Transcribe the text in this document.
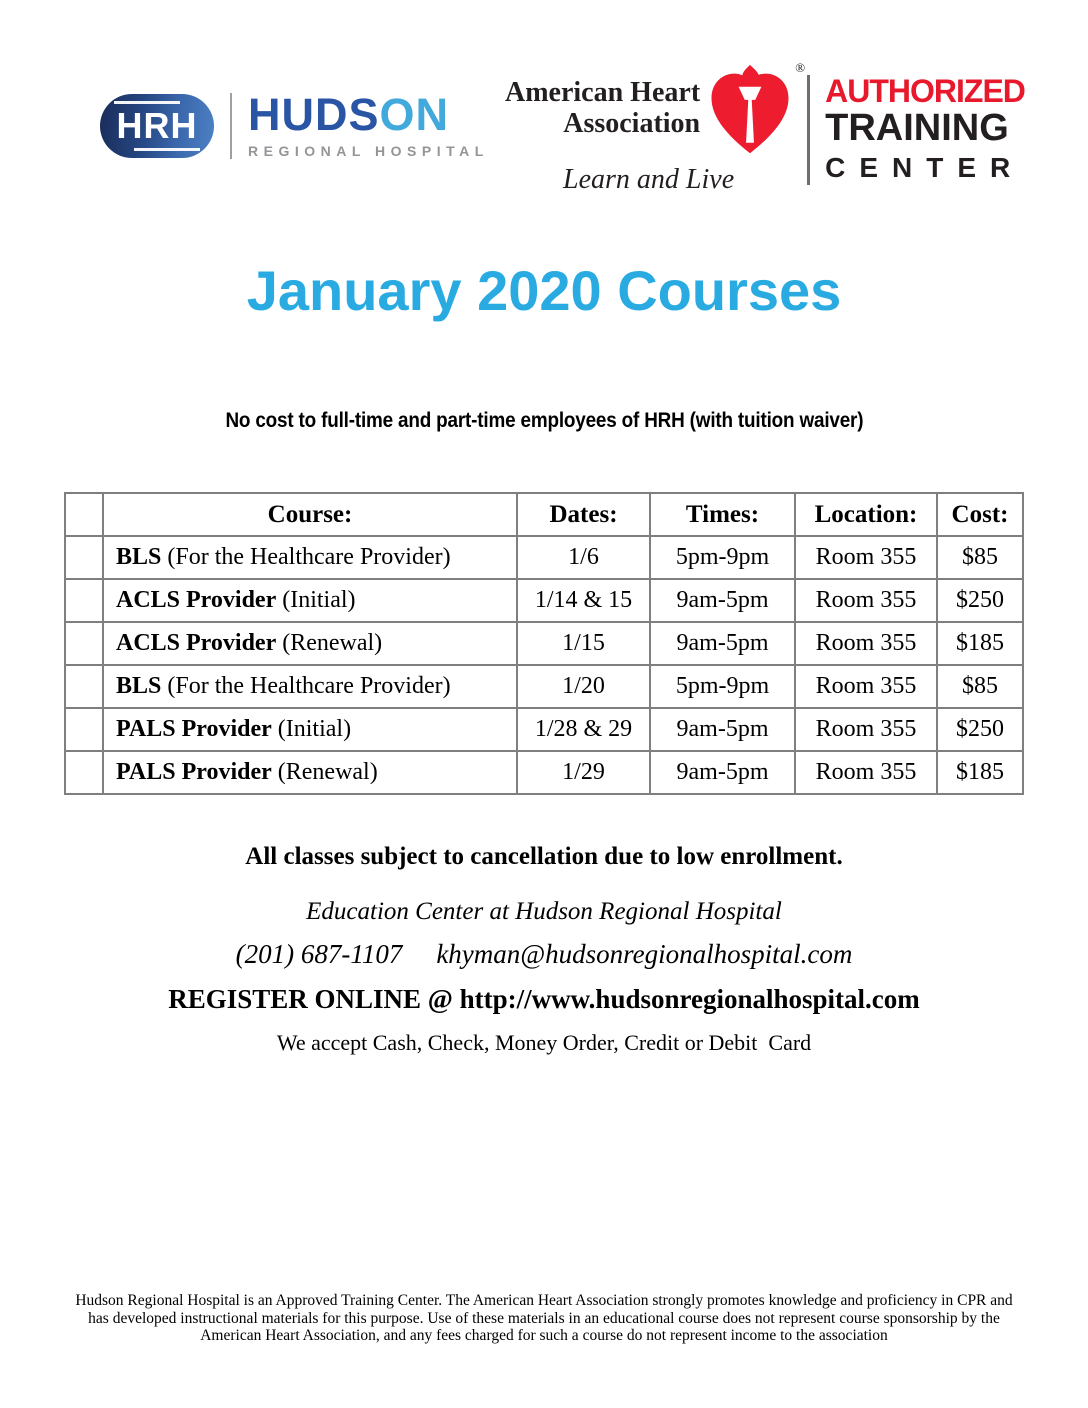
HRH HUDSON
REGIONAL HOSPITAL
American Heart
Association
®
Learn and Live
AUTHORIZED
TRAINING
CENTER
January 2020 Courses
No cost to full-time and part-time employees of HRH (with tuition waiver)
	Course:	Dates:	Times:	Location:	Cost:
	BLS (For the Healthcare Provider)	1/6	5pm-9pm	Room 355	$85
	ACLS Provider (Initial)	1/14 & 15	9am-5pm	Room 355	$250
	ACLS Provider (Renewal)	1/15	9am-5pm	Room 355	$185
	BLS (For the Healthcare Provider)	1/20	5pm-9pm	Room 355	$85
	PALS Provider (Initial)	1/28 & 29	9am-5pm	Room 355	$250
	PALS Provider (Renewal)	1/29	9am-5pm	Room 355	$185
All classes subject to cancellation due to low enrollment.
Education Center at Hudson Regional Hospital
(201) 687-1107 khyman@hudsonregionalhospital.com
REGISTER ONLINE @ http://www.hudsonregionalhospital.com
We accept Cash, Check, Money Order, Credit or Debit  Card
Hudson Regional Hospital is an Approved Training Center. The American Heart Association strongly promotes knowledge and proficiency in CPR and has developed instructional materials for this purpose. Use of these materials in an educational course does not represent course sponsorship by the American Heart Association, and any fees charged for such a course do not represent income to the association
